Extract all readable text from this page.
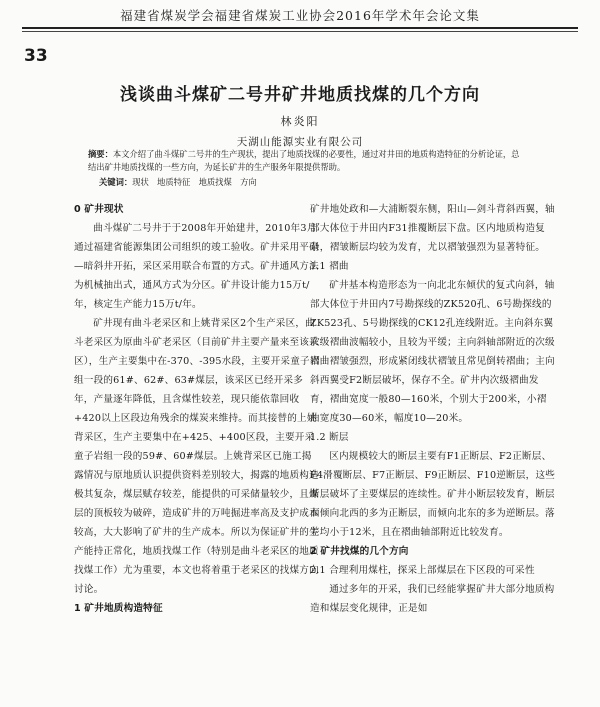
福建省煤炭学会福建省煤炭工业协会2016年学术年会论文集
33
浅谈曲斗煤矿二号井矿井地质找煤的几个方向
林炎阳
天湖山能源实业有限公司
摘要：本文介绍了曲斗煤矿二号井的生产现状，提出了地质找煤的必要性，通过对井田的地质构造特征的分析论证，总结出矿井地质找煤的一些方向，为延长矿井的生产服务年限提供帮助。
关键词：现状　地质特征　地质找煤　方向

0 矿井现状

曲斗煤矿二号井于于2008年开始建井，2010年3月通过福建省能源集团公司组织的竣工验收。矿井采用平硐—暗斜井开拓，采区采用联合布置的方式。矿井通风方法为机械抽出式，通风方式为分区。矿井设计能力15万t/年，核定生产能力15万t/年。

矿井现有曲斗老采区和上姚背采区2个生产采区，曲斗老采区为原曲斗矿老采区（目前矿井主要产量来至该采区），生产主要集中在-370、-395水段，主要开采童子岩组一段的61#、62#、63#煤层，该采区已经开采多年，产量逐年降低，且含煤性较差，现只能依靠回收+420以上区段边角残余的煤炭来维持。而其接替的上姚背采区，生产主要集中在+425、+400区段，主要开采童子岩组一段的59#、60#煤层。上姚背采区已施工揭露情况与原地质认识提供资料差别较大，揭露的地质构造极其复杂，煤层赋存较差，能提供的可采储量较少，且煤层的顶板较为破碎，造成矿井的万吨掘进率高及支护成本较高，大大影响了矿井的生产成本。所以为保证矿井的生产能持正常化，地质找煤工作（特别是曲斗老采区的地质找煤工作）尤为重要，本文也将着重于老采区的找煤方向讨论。

1 矿井地质构造特征

矿井地处政和—大浦断裂东侧，阳山—剑斗背斜西翼，轴部大体位于井田内F31推覆断层下盘。区内地质构造复杂，褶皱断层均较为发育，尤以褶皱强烈为显著特征。

1.1 褶曲

矿井基本构造形态为一向北北东倾伏的复式向斜，轴部大体位于井田内7号勘探线的ZK520孔、6号勘探线的ZK523孔、5号勘探线的CK12孔连线附近。主向斜东翼次级褶曲波幅较小，且较为平缓；主向斜轴部附近的次级褶曲褶皱强烈，形成紧闭线状褶皱且常见倒转褶曲；主向斜西翼受F2断层破坏，保存不全。矿井内次级褶曲发育，褶曲宽度一般80—160米，个别大于200米，小褶曲宽度30—60米，幅度10—20米。

1.2 断层

区内规模较大的断层主要有F1正断层、F2正断层、F4滑覆断层、F7正断层、F9正断层、F10逆断层，这些断层破坏了主要煤层的连续性。矿井小断层较发育，断层面倾向北西的多为正断层，而倾向北东的多为逆断层。落差均小于12米，且在褶曲轴部附近比较发育。

2 矿井找煤的几个方向

2.1 合理利用煤柱，探采上部煤层在下区段的可采性

通过多年的开采，我们已经能掌握矿井大部分地质构造和煤层变化规律，正是如
